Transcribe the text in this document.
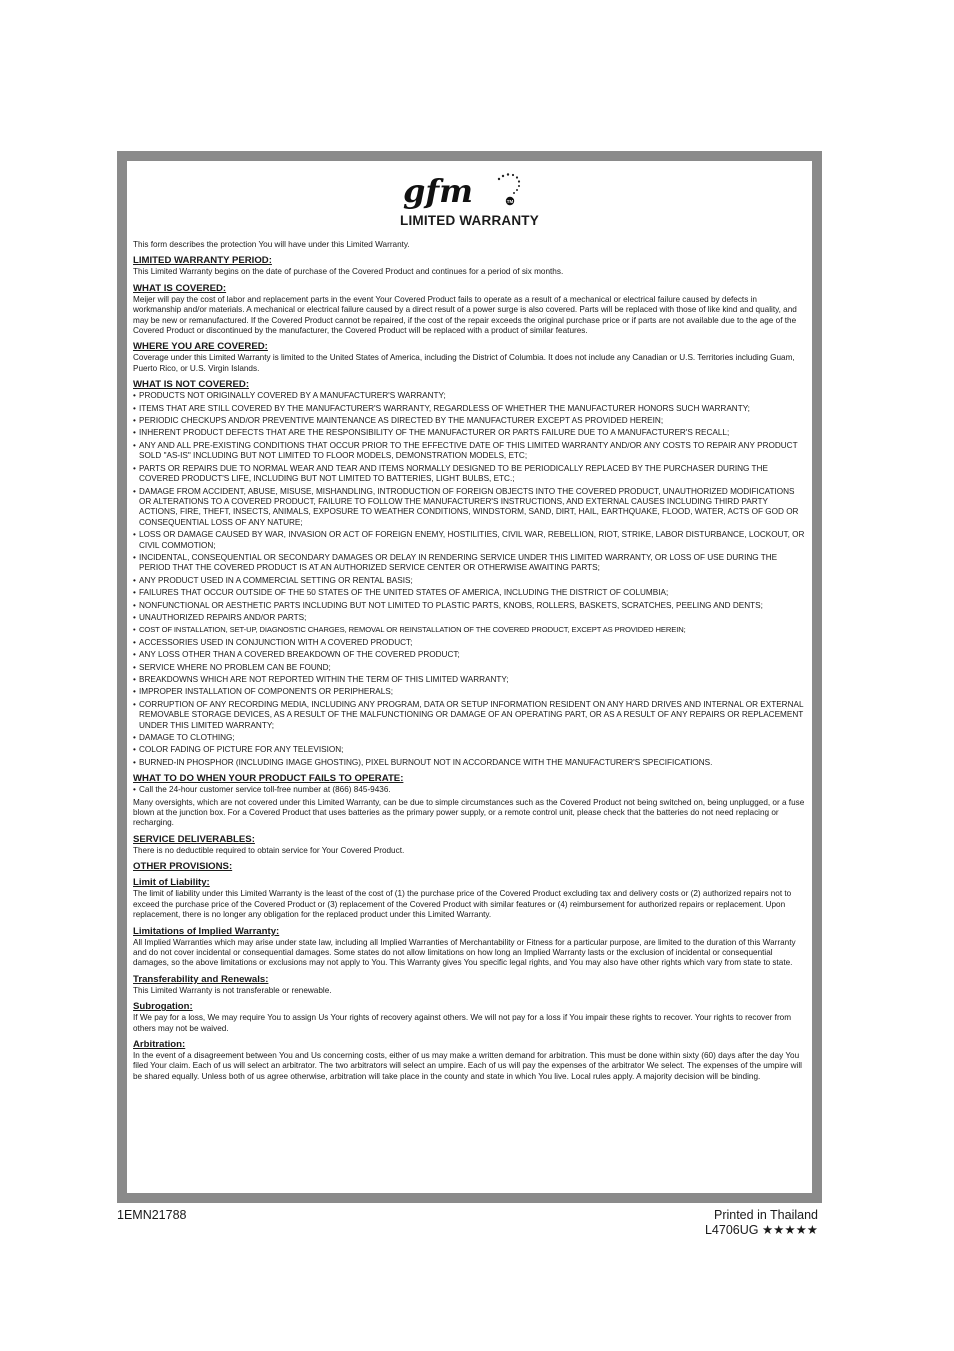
gfm	TM
LIMITED WARRANTY

This form describes the protection You will have under this Limited Warranty.

LIMITED WARRANTY PERIOD:

This Limited Warranty begins on the date of purchase of the Covered Product and continues for a period of six months.

WHAT IS COVERED:

Meijer will pay the cost of labor and replacement parts in the event Your Covered Product fails to operate as a result of a mechanical or electrical failure caused by defects in workmanship and/or materials. A mechanical or electrical failure caused by a direct result of a power surge is also covered. Parts will be replaced with those of like kind and quality, and may be new or remanufactured. If the Covered Product cannot be repaired, if the cost of the repair exceeds the original purchase price or if parts are not available due to the age of the Covered Product or discontinued by the manufacturer, the Covered Product will be replaced with a product of similar features.

WHERE YOU ARE COVERED:

Coverage under this Limited Warranty is limited to the United States of America, including the District of Columbia. It does not include any Canadian or U.S. Territories including Guam, Puerto Rico, or U.S. Virgin Islands.

WHAT IS NOT COVERED:
• PRODUCTS NOT ORIGINALLY COVERED BY A MANUFACTURER'S WARRANTY;
• ITEMS THAT ARE STILL COVERED BY THE MANUFACTURER'S WARRANTY, REGARDLESS OF WHETHER THE MANUFACTURER HONORS SUCH WARRANTY;
• PERIODIC CHECKUPS AND/OR PREVENTIVE MAINTENANCE AS DIRECTED BY THE MANUFACTURER EXCEPT AS PROVIDED HEREIN;
• INHERENT PRODUCT DEFECTS THAT ARE THE RESPONSIBILITY OF THE MANUFACTURER OR PARTS FAILURE DUE TO A MANUFACTURER'S RECALL;
• ANY AND ALL PRE-EXISTING CONDITIONS THAT OCCUR PRIOR TO THE EFFECTIVE DATE OF THIS LIMITED WARRANTY AND/OR ANY COSTS TO REPAIR ANY PRODUCT SOLD "AS-IS" INCLUDING BUT NOT LIMITED TO FLOOR MODELS, DEMONSTRATION MODELS, ETC;
• PARTS OR REPAIRS DUE TO NORMAL WEAR AND TEAR AND ITEMS NORMALLY DESIGNED TO BE PERIODICALLY REPLACED BY THE PURCHASER DURING THE COVERED PRODUCT'S LIFE, INCLUDING BUT NOT LIMITED TO BATTERIES, LIGHT BULBS, ETC.;
• DAMAGE FROM ACCIDENT, ABUSE, MISUSE, MISHANDLING, INTRODUCTION OF FOREIGN OBJECTS INTO THE COVERED PRODUCT, UNAUTHORIZED MODIFICATIONS OR ALTERATIONS TO A COVERED PRODUCT, FAILURE TO FOLLOW THE MANUFACTURER'S INSTRUCTIONS, AND EXTERNAL CAUSES INCLUDING THIRD PARTY ACTIONS, FIRE, THEFT, INSECTS, ANIMALS, EXPOSURE TO WEATHER CONDITIONS, WINDSTORM, SAND, DIRT, HAIL, EARTHQUAKE, FLOOD, WATER, ACTS OF GOD OR CONSEQUENTIAL LOSS OF ANY NATURE;
• LOSS OR DAMAGE CAUSED BY WAR, INVASION OR ACT OF FOREIGN ENEMY, HOSTILITIES, CIVIL WAR, REBELLION, RIOT, STRIKE, LABOR DISTURBANCE, LOCKOUT, OR CIVIL COMMOTION;
• INCIDENTAL, CONSEQUENTIAL OR SECONDARY DAMAGES OR DELAY IN RENDERING SERVICE UNDER THIS LIMITED WARRANTY, OR LOSS OF USE DURING THE PERIOD THAT THE COVERED PRODUCT IS AT AN AUTHORIZED SERVICE CENTER OR OTHERWISE AWAITING PARTS;
• ANY PRODUCT USED IN A COMMERCIAL SETTING OR RENTAL BASIS;
• FAILURES THAT OCCUR OUTSIDE OF THE 50 STATES OF THE UNITED STATES OF AMERICA, INCLUDING THE DISTRICT OF COLUMBIA;
• NONFUNCTIONAL OR AESTHETIC PARTS INCLUDING BUT NOT LIMITED TO PLASTIC PARTS, KNOBS, ROLLERS, BASKETS, SCRATCHES, PEELING AND DENTS;
• UNAUTHORIZED REPAIRS AND/OR PARTS;
• COST OF INSTALLATION, SET-UP, DIAGNOSTIC CHARGES, REMOVAL OR REINSTALLATION OF THE COVERED PRODUCT, EXCEPT AS PROVIDED HEREIN;
• ACCESSORIES USED IN CONJUNCTION WITH A COVERED PRODUCT;
• ANY LOSS OTHER THAN A COVERED BREAKDOWN OF THE COVERED PRODUCT;
• SERVICE WHERE NO PROBLEM CAN BE FOUND;
• BREAKDOWNS WHICH ARE NOT REPORTED WITHIN THE TERM OF THIS LIMITED WARRANTY;
• IMPROPER INSTALLATION OF COMPONENTS OR PERIPHERALS;
• CORRUPTION OF ANY RECORDING MEDIA, INCLUDING ANY PROGRAM, DATA OR SETUP INFORMATION RESIDENT ON ANY HARD DRIVES AND INTERNAL OR EXTERNAL REMOVABLE STORAGE DEVICES, AS A RESULT OF THE MALFUNCTIONING OR DAMAGE OF AN OPERATING PART, OR AS A RESULT OF ANY REPAIRS OR REPLACEMENT UNDER THIS LIMITED WARRANTY;
• DAMAGE TO CLOTHING;
• COLOR FADING OF PICTURE FOR ANY TELEVISION;
• BURNED-IN PHOSPHOR (INCLUDING IMAGE GHOSTING), PIXEL BURNOUT NOT IN ACCORDANCE WITH THE MANUFACTURER'S SPECIFICATIONS.
WHAT TO DO WHEN YOUR PRODUCT FAILS TO OPERATE:
• Call the 24-hour customer service toll-free number at (866) 845-9436.

Many oversights, which are not covered under this Limited Warranty, can be due to simple circumstances such as the Covered Product not being switched on, being unplugged, or a fuse blown at the junction box. For a Covered Product that uses batteries as the primary power supply, or a remote control unit, please check that the batteries do not need replacing or recharging.

SERVICE DELIVERABLES:

There is no deductible required to obtain service for Your Covered Product.

OTHER PROVISIONS:
Limit of Liability:

The limit of liability under this Limited Warranty is the least of the cost of (1) the purchase price of the Covered Product excluding tax and delivery costs or (2) authorized repairs not to exceed the purchase price of the Covered Product or (3) replacement of the Covered Product with similar features or (4) reimbursement for authorized repairs or replacement. Upon replacement, there is no longer any obligation for the replaced product under this Limited Warranty.

Limitations of Implied Warranty:

All Implied Warranties which may arise under state law, including all Implied Warranties of Merchantability or Fitness for a particular purpose, are limited to the duration of this Warranty and do not cover incidental or consequential damages. Some states do not allow limitations on how long an Implied Warranty lasts or the exclusion of incidental or consequential damages, so the above limitations or exclusions may not apply to You. This Warranty gives You specific legal rights, and You may also have other rights which vary from state to state.

Transferability and Renewals:

This Limited Warranty is not transferable or renewable.

Subrogation:

If We pay for a loss, We may require You to assign Us Your rights of recovery against others. We will not pay for a loss if You impair these rights to recover. Your rights to recover from others may not be waived.

Arbitration:

In the event of a disagreement between You and Us concerning costs, either of us may make a written demand for arbitration. This must be done within sixty (60) days after the day You filed Your claim. Each of us will select an arbitrator. The two arbitrators will select an umpire. Each of us will pay the expenses of the arbitrator We select. The expenses of the umpire will be shared equally. Unless both of us agree otherwise, arbitration will take place in the county and state in which You live. Local rules apply. A majority decision will be binding.

1EMN21788	Printed in Thailand
L4706UG ★★★★★
